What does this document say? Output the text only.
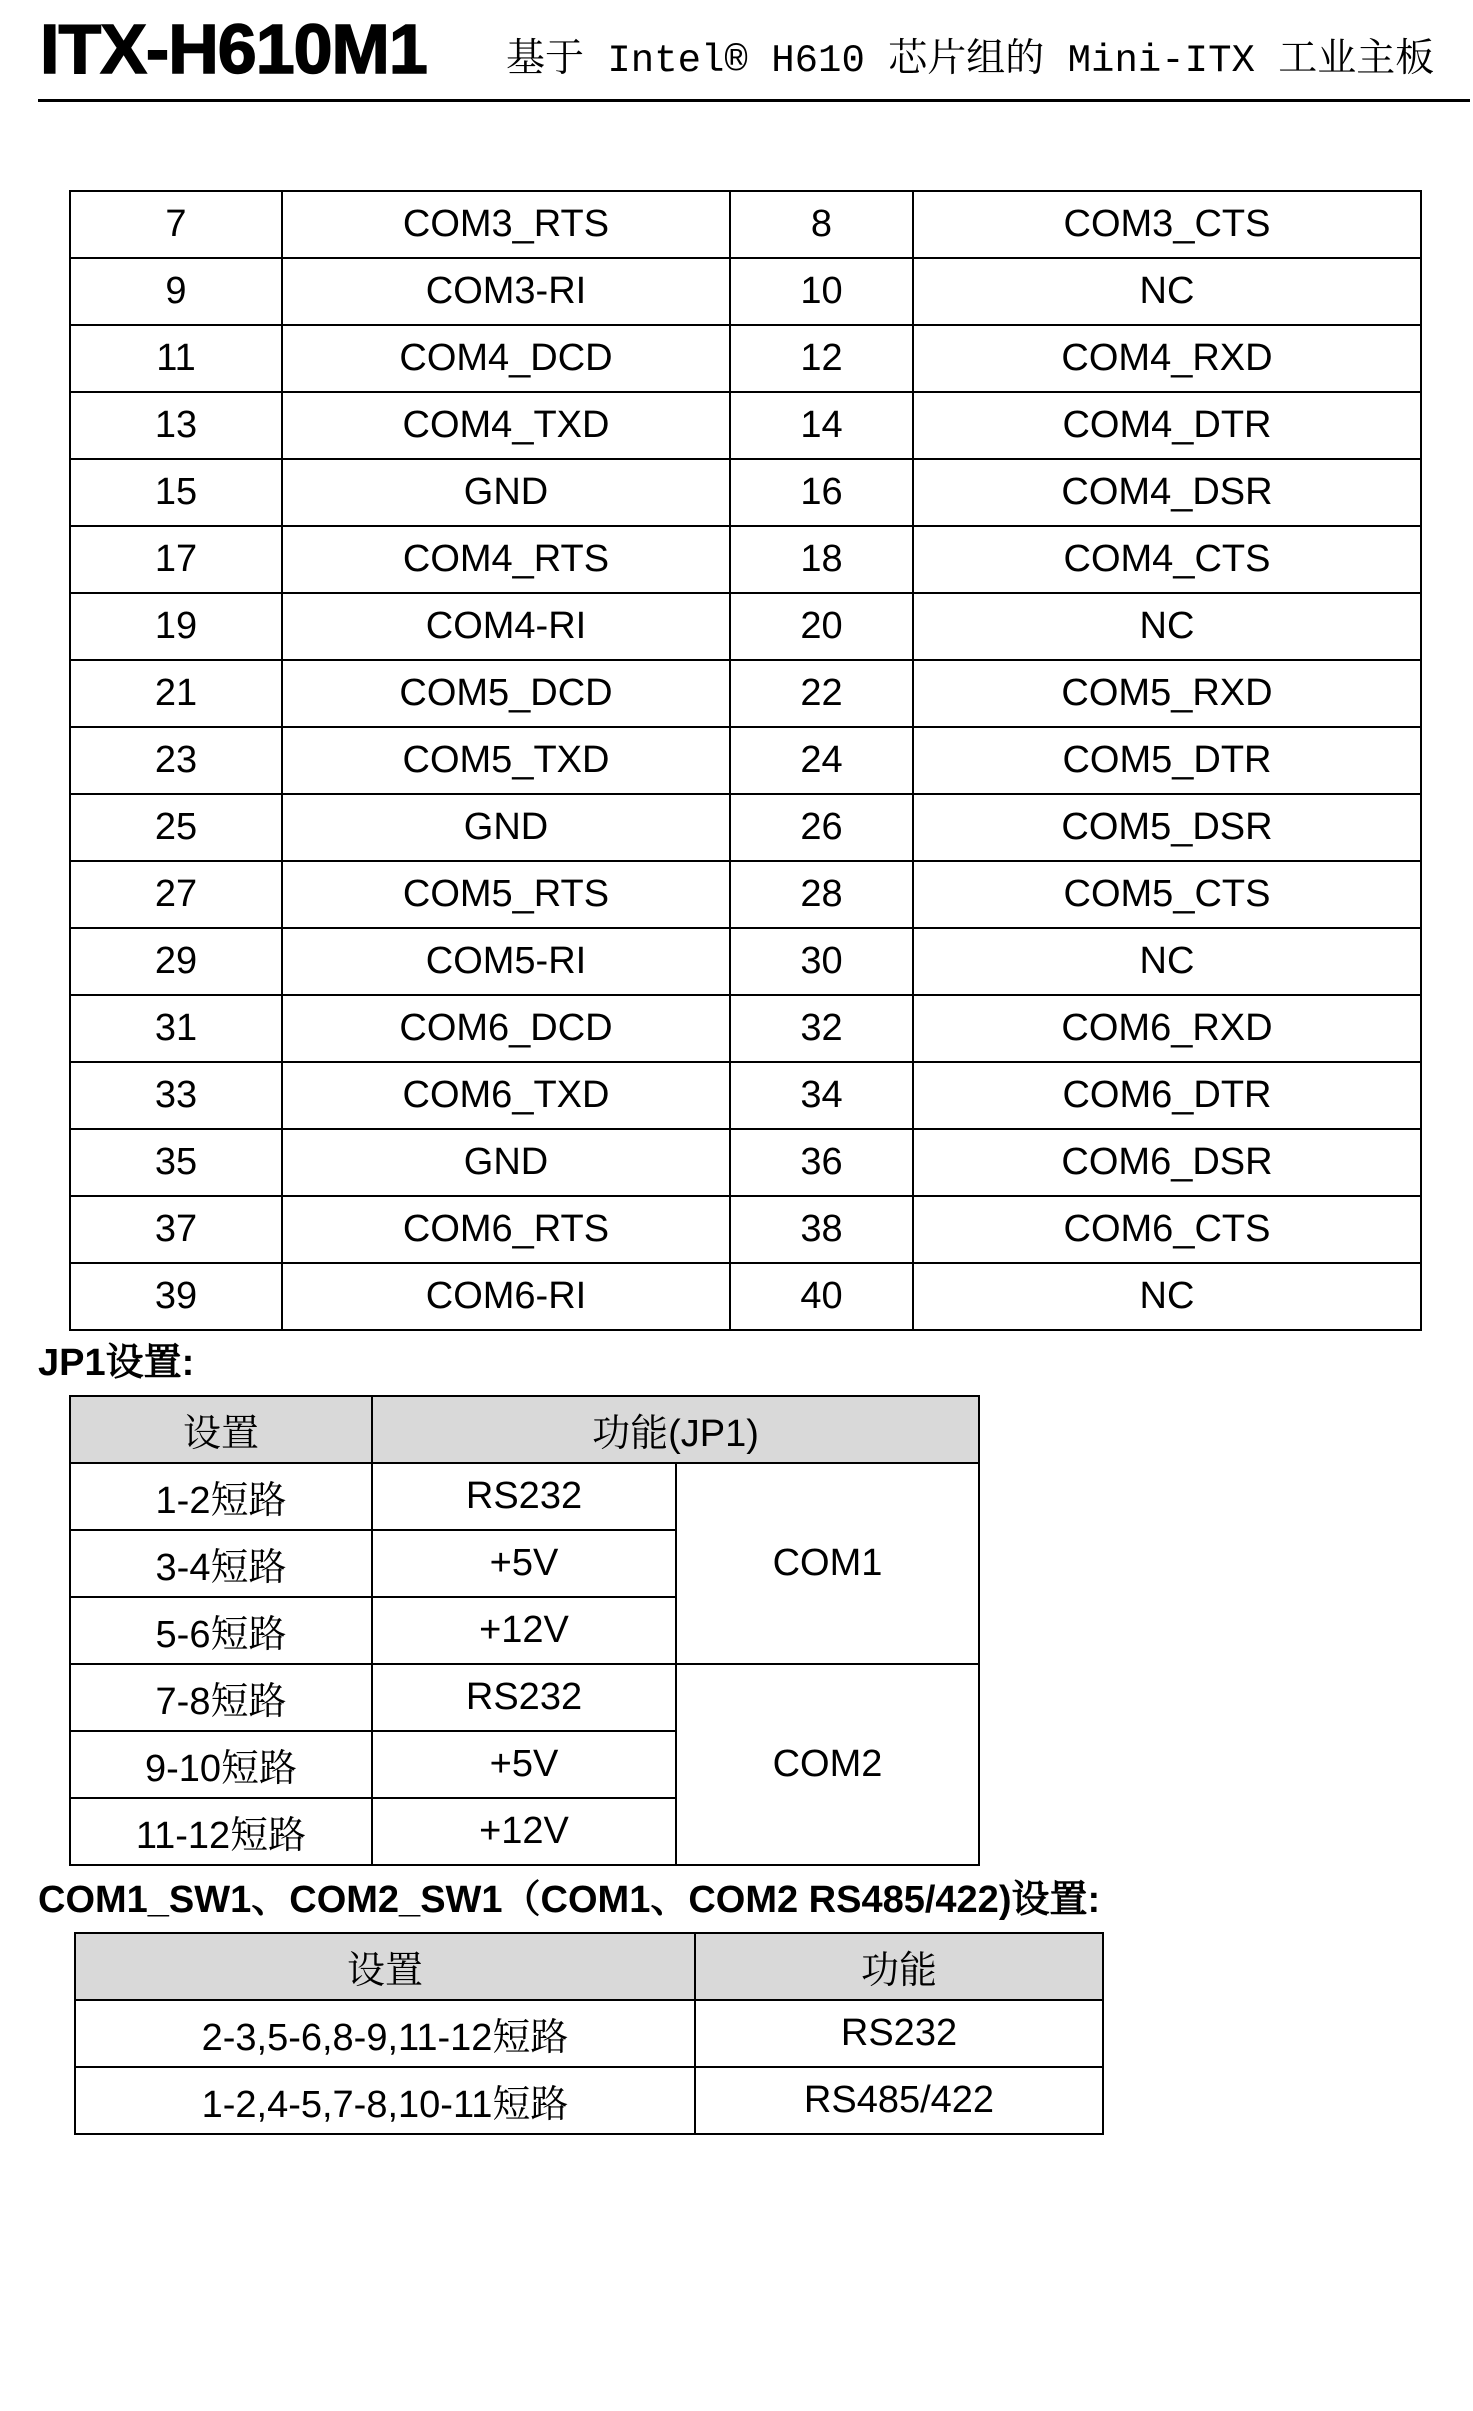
ITX-H610M1 基于 Intel® H610 芯片组的 Mini-ITX 工业主板
7	COM3_RTS	8	COM3_CTS
9	COM3-RI	10	NC
11	COM4_DCD	12	COM4_RXD
13	COM4_TXD	14	COM4_DTR
15	GND	16	COM4_DSR
17	COM4_RTS	18	COM4_CTS
19	COM4-RI	20	NC
21	COM5_DCD	22	COM5_RXD
23	COM5_TXD	24	COM5_DTR
25	GND	26	COM5_DSR
27	COM5_RTS	28	COM5_CTS
29	COM5-RI	30	NC
31	COM6_DCD	32	COM6_RXD
33	COM6_TXD	34	COM6_DTR
35	GND	36	COM6_DSR
37	COM6_RTS	38	COM6_CTS
39	COM6-RI	40	NC
JP1设置:
设置	功能(JP1)	
1-2短路	RS232	COM1
3-4短路	+5V	
5-6短路	+12V	
7-8短路	RS232	COM2
9-10短路	+5V	
11-12短路	+12V	
COM1_SW1、COM2_SW1（COM1、COM2 RS485/422)设置:
设置	功能
2-3,5-6,8-9,11-12短路	RS232
1-2,4-5,7-8,10-11短路	RS485/422
